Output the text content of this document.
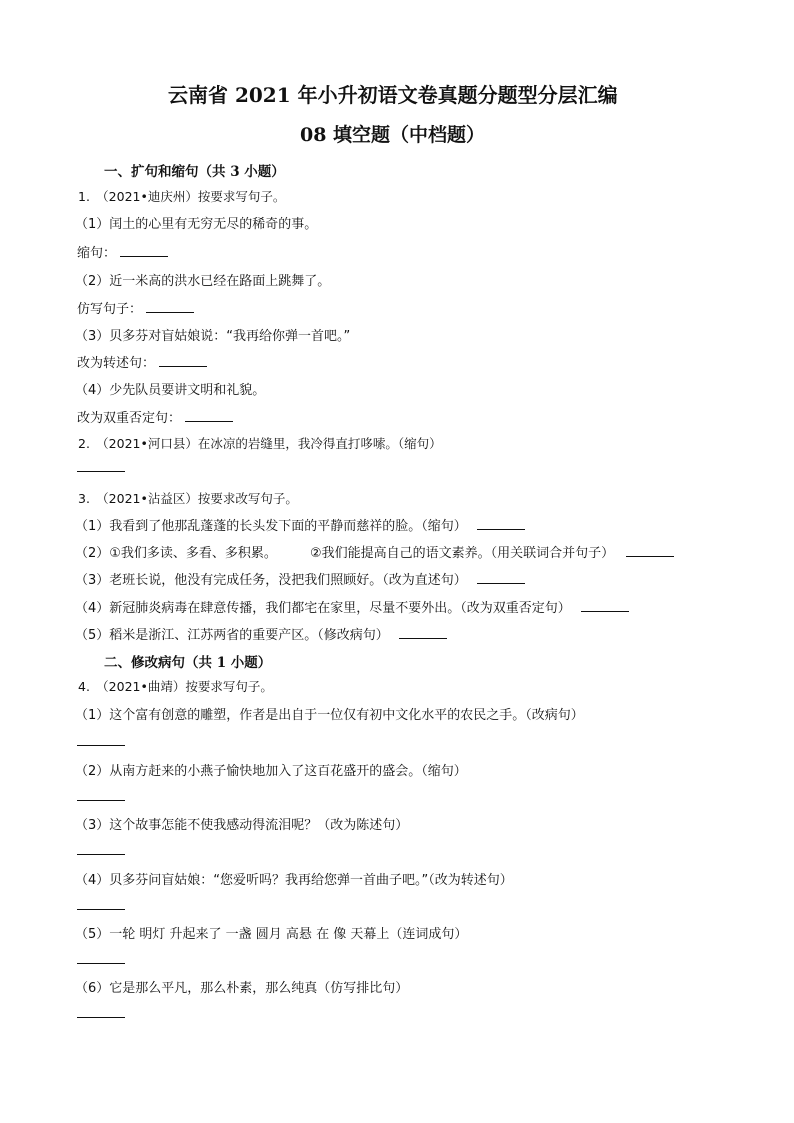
云南省 2021 年小升初语文卷真题分题型分层汇编
08 填空题（中档题）
一、扩句和缩句（共 3 小题）
1.　（2021•迪庆州）按要求写句子。
（1）闰土的心里有无穷无尽的稀奇的事。
缩句：
（2）近一米高的洪水已经在路面上跳舞了。
仿写句子：
（3）贝多芬对盲姑娘说：“我再给你弹一首吧。”
改为转述句：
（4）少先队员要讲文明和礼貌。
改为双重否定句：
2.　（2021•河口县）在冰凉的岩缝里，我冷得直打哆嗦。（缩句）
3.　（2021•沾益区）按要求改写句子。
（1）我看到了他那乱蓬蓬的长头发下面的平静而慈祥的脸。（缩句）
（2）①我们多读、多看、多积累。	②我们能提高自己的语文素养。（用关联词合并句子）
（3）老班长说，他没有完成任务，没把我们照顾好。（改为直述句）
（4）新冠肺炎病毒在肆意传播，我们都宅在家里，尽量不要外出。（改为双重否定句）
（5）稻米是浙江、江苏两省的重要产区。（修改病句）
二、修改病句（共 1 小题）
4.　（2021•曲靖）按要求写句子。
（1）这个富有创意的雕塑，作者是出自于一位仅有初中文化水平的农民之手。（改病句）
（2）从南方赶来的小燕子愉快地加入了这百花盛开的盛会。（缩句）
（3）这个故事怎能不使我感动得流泪呢？（改为陈述句）
（4）贝多芬问盲姑娘：“您爱听吗？我再给您弹一首曲子吧。”（改为转述句）
（5）一轮 明灯 升起来了 一盏 圆月 高悬 在 像 天幕上（连词成句）
（6）它是那么平凡，那么朴素，那么纯真（仿写排比句）
